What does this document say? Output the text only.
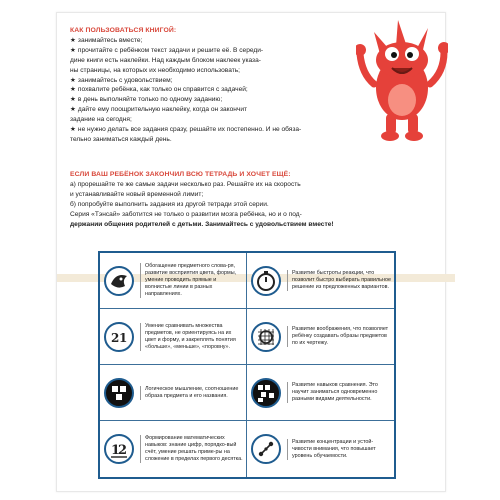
КАК ПОЛЬЗОВАТЬСЯ КНИГОЙ:
★ занимайтесь вместе;
★ прочитайте с ребёнком текст задачи и решите её. В середи-
дине книги есть наклейки. Над каждым блоком наклеек указа-
ны страницы, на которых их необходимо использовать;
★ занимайтесь с удовольствием;
★ похвалите ребёнка, как только он справится с задачей;
★ в день выполняйте только по одному заданию;
★ дайте ему поощрительную наклейку, когда он закончит
задание на сегодня;
★ не нужно делать все задания сразу, решайте их постепенно. И не обяза-
тельно заниматься каждый день.
ЕСЛИ ВАШ РЕБЁНОК ЗАКОНЧИЛ ВСЮ ТЕТРАДЬ И ХОЧЕТ ЕЩЁ:
а) прорешайте те же самые задачи несколько раз. Решайте их на скорость
и устанавливайте новый временной лимит;
б) попробуйте выполнить задания из другой тетради этой серии.
Серия «Тэнсай» заботится не только о развитии мозга ребёнка, но и о под-
держании общения родителей с детьми. Занимайтесь с удовольствием вместе!
Обогащение предметного слова-ря, развитие восприятия цвета, формы, умение проводить прямые и волнистые линии в разных направлениях.
Развитие быстроты реакции, что позволит быстро выбирать правильное решение из предложенных вариантов.
2 1
Умение сравнивать множества предметов, не ориентируясь на их цвет и форму, и закреплять понятия «больше», «меньше», «поровну».
Развитие воображения, что позволяет ребёнку создавать образы предметов по их чертежу.
Логическое мышление, соотношение образа предмета и его названия.
Развитие навыков сравнения. Это научит заниматься одновременно разными видами деятельности.
1
2
Формирование математических навыков: знание цифр, порядко-вый счёт, умение решать приме-ры на сложение в пределах первого десятка.
Развитие концентрации и устой-чивости внимания, что повышает уровень обучаемости.
